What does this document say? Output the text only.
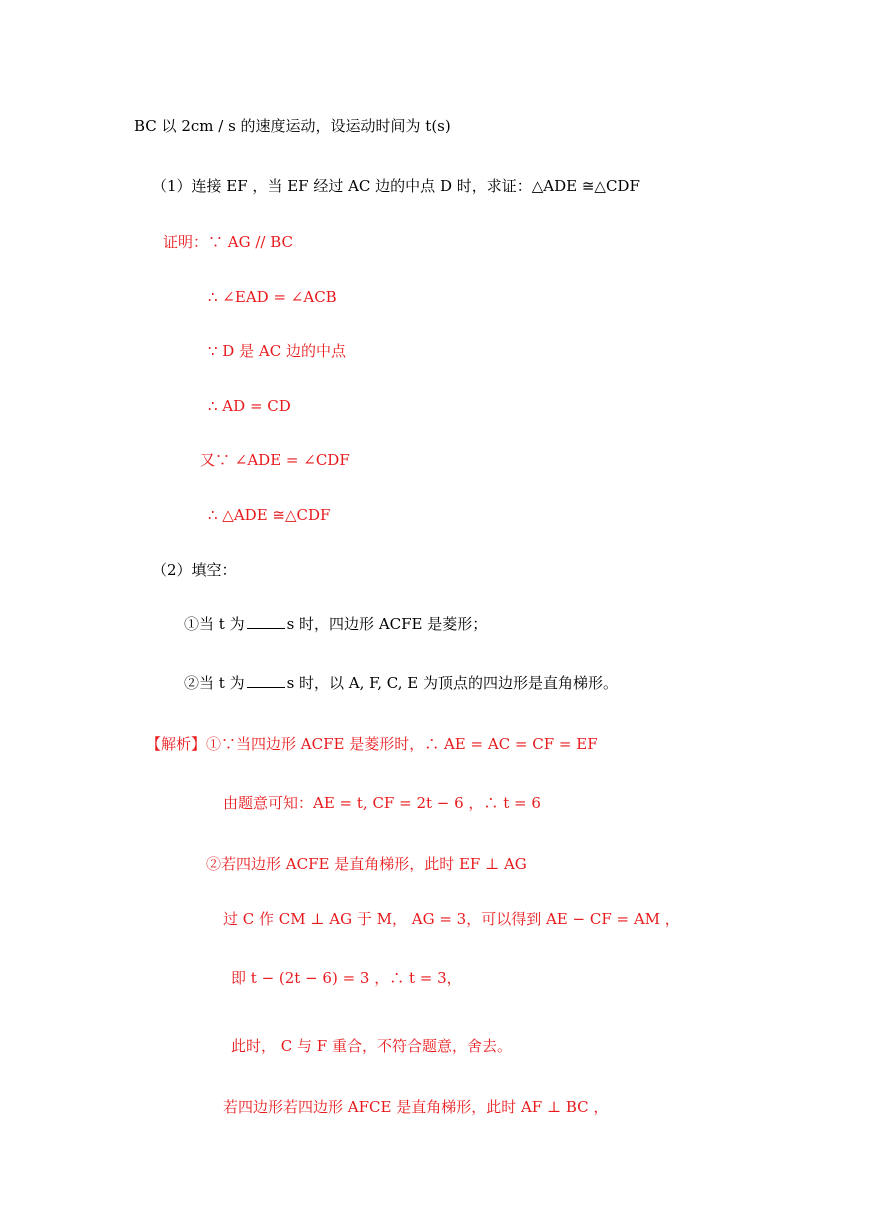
BC 以 2cm / s 的速度运动，设运动时间为 t(s)
（1）连接 EF ，当 EF 经过 AC 边的中点 D 时，求证：△ADE ≅△CDF
证明：∵ AG // BC
∴ ∠EAD = ∠ACB
∵ D 是 AC 边的中点
∴ AD = CD
又∵ ∠ADE = ∠CDF
∴ △ADE ≅△CDF
（2）填空：
①当 t 为	s 时，四边形 ACFE 是菱形；
②当 t 为	s 时，以 A, F, C, E 为顶点的四边形是直角梯形。
【解析】①∵当四边形 ACFE 是菱形时，∴ AE = AC = CF = EF
由题意可知：AE = t, CF = 2t − 6 ，∴ t = 6
②若四边形 ACFE 是直角梯形，此时 EF ⊥ AG
过 C 作 CM ⊥ AG 于 M， AG = 3，可以得到 AE − CF = AM ，
即 t − (2t − 6) = 3 ，∴ t = 3，
此时， C 与 F 重合，不符合题意，舍去。
若四边形若四边形 AFCE 是直角梯形，此时 AF ⊥ BC ，
